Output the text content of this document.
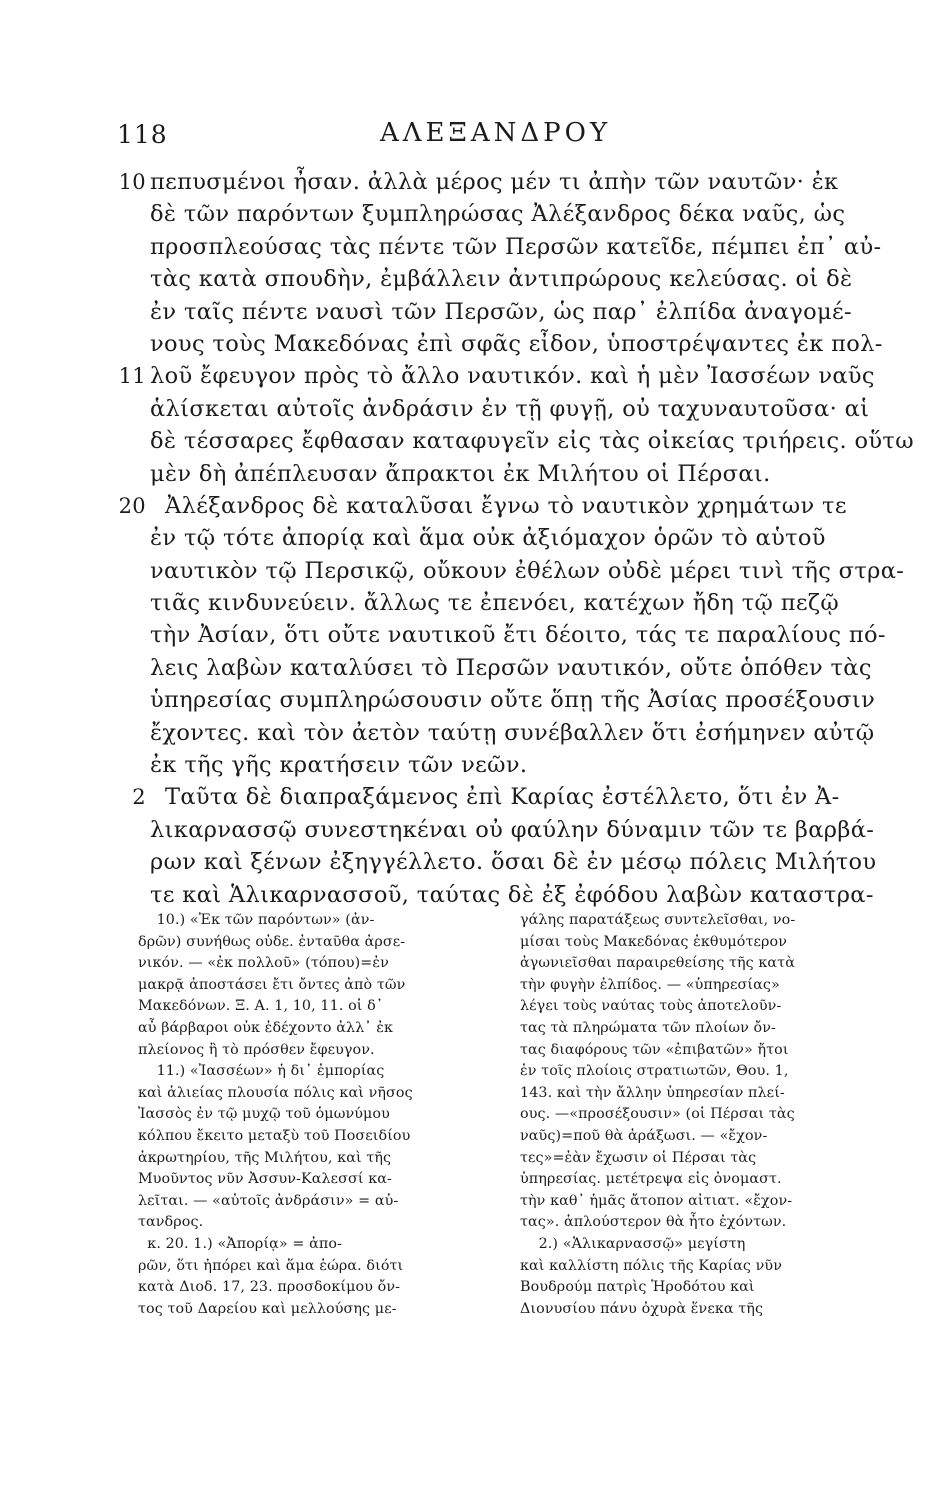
118	ΑΛΕΞΑΝΔΡΟΥ
10 πεπυσμένοι ἦσαν. ἀλλὰ μέρος μέν τι ἀπὴν τῶν ναυτῶν· ἐκ
δὲ τῶν παρόντων ξυμπληρώσας Ἀλέξανδρος δέκα ναῦς, ὡς
προσπλεούσας τὰς πέντε τῶν Περσῶν κατεῖδε, πέμπει ἐπ᾽ αὐ-
τὰς κατὰ σπουδὴν, ἐμβάλλειν ἀντιπρώρους κελεύσας. οἱ δὲ
ἐν ταῖς πέντε ναυσὶ τῶν Περσῶν, ὡς παρ᾽ ἐλπίδα ἀναγομέ-
νους τοὺς Μακεδόνας ἐπὶ σφᾶς εἶδον, ὑποστρέψαντες ἐκ πολ-
11 λοῦ ἔφευγον πρὸς τὸ ἄλλο ναυτικόν. καὶ ἡ μὲν Ἰασσέων ναῦς
ἁλίσκεται αὐτοῖς ἀνδράσιν ἐν τῇ φυγῇ, οὐ ταχυναυτοῦσα· αἱ
δὲ τέσσαρες ἔφθασαν καταφυγεῖν εἰς τὰς οἰκείας τριήρεις. οὕτω
μὲν δὴ ἀπέπλευσαν ἄπρακτοι ἐκ Μιλήτου οἱ Πέρσαι.
20 Ἀλέξανδρος δὲ καταλῦσαι ἔγνω τὸ ναυτικὸν χρημάτων τε
ἐν τῷ τότε ἀπορίᾳ καὶ ἅμα οὐκ ἀξιόμαχον ὁρῶν τὸ αὑτοῦ
ναυτικὸν τῷ Περσικῷ, οὔκουν ἐθέλων οὐδὲ μέρει τινὶ τῆς στρα-
τιᾶς κινδυνεύειν. ἄλλως τε ἐπενόει, κατέχων ἤδη τῷ πεζῷ
τὴν Ἀσίαν, ὅτι οὔτε ναυτικοῦ ἔτι δέοιτο, τάς τε παραλίους πό-
λεις λαβὼν καταλύσει τὸ Περσῶν ναυτικόν, οὔτε ὁπόθεν τὰς
ὑπηρεσίας συμπληρώσουσιν οὔτε ὅπῃ τῆς Ἀσίας προσέξουσιν
ἔχοντες. καὶ τὸν ἀετὸν ταύτῃ συνέβαλλεν ὅτι ἐσήμηνεν αὐτῷ
ἐκ τῆς γῆς κρατήσειν τῶν νεῶν.
2 Ταῦτα δὲ διαπραξάμενος ἐπὶ Καρίας ἐστέλλετο, ὅτι ἐν Ἀ-
λικαρνασσῷ συνεστηκέναι οὐ φαύλην δύναμιν τῶν τε βαρβά-
ρων καὶ ξένων ἐξηγγέλλετο. ὅσαι δὲ ἐν μέσῳ πόλεις Μιλήτου
τε καὶ Ἁλικαρνασσοῦ, ταύτας δὲ ἐξ ἐφόδου λαβὼν καταστρα-
10.) «Ἐκ τῶν παρόντων» (ἀν-
δρῶν) συνήθως οὐδε. ἐνταῦθα ἀρσε-
νικόν. — «ἐκ πολλοῦ» (τόπου)=ἐν
μακρᾷ ἀποστάσει ἔτι ὄντες ἀπὸ τῶν
Μακεδόνων. Ξ. Α. 1, 10, 11. οἱ δ᾽
αὖ βάρβαροι οὐκ ἐδέχοντο ἀλλ᾽ ἐκ
πλείονος ἢ τὸ πρόσθεν ἔφευγον.
11.) «Ἰασσέων» ἡ δι᾽ ἐμπορίας
καὶ ἁλιείας πλουσία πόλις καὶ νῆσος
Ἰασσὸς ἐν τῷ μυχῷ τοῦ ὁμωνύμου
κόλπου ἔκειτο μεταξὺ τοῦ Ποσειδίου
ἀκρωτηρίου, τῆς Μιλήτου, καὶ τῆς
Μυοῦντος νῦν Ἀσσυν-Καλεσσί κα-
λεῖται. — «αὐτοῖς ἀνδράσιν» = αὐ-
τανδρος.
κ. 20. 1.) «Ἀπορίᾳ» = ἀπο-
ρῶν, ὅτι ἠπόρει καὶ ἅμα ἑώρα. διότι
κατὰ Διοδ. 17, 23. προσδοκίμου ὄν-
τος τοῦ Δαρείου καὶ μελλούσης με-
γάλης παρατάξεως συντελεῖσθαι, νο-
μίσαι τοὺς Μακεδόνας ἐκθυμότερον
ἀγωνιεῖσθαι παραιρεθείσης τῆς κατὰ
τὴν φυγὴν ἐλπίδος. — «ὑπηρεσίας»
λέγει τοὺς ναύτας τοὺς ἀποτελοῦν-
τας τὰ πληρώματα τῶν πλοίων ὄν-
τας διαφόρους τῶν «ἐπιβατῶν» ἤτοι
ἐν τοῖς πλοίοις στρατιωτῶν, Θου. 1,
143. καὶ τὴν ἄλλην ὑπηρεσίαν πλεί-
ους. —«προσέξουσιν» (οἱ Πέρσαι τὰς
ναῦς)=ποῦ θὰ ἀράξωσι. — «ἔχον-
τες»=ἐὰν ἔχωσιν οἱ Πέρσαι τὰς
ὑπηρεσίας. μετέτρεψα εἰς ὀνομαστ.
τὴν καθ᾽ ἡμᾶς ἄτοπον αἰτιατ. «ἔχον-
τας». ἁπλούστερον θὰ ἦτο ἐχόντων.
2.) «Ἁλικαρνασσῷ» μεγίστη
καὶ καλλίστη πόλις τῆς Καρίας νῦν
Βουδρούμ πατρὶς Ἡροδότου καὶ
Διονυσίου πάνυ ὀχυρὰ ἕνεκα τῆς
